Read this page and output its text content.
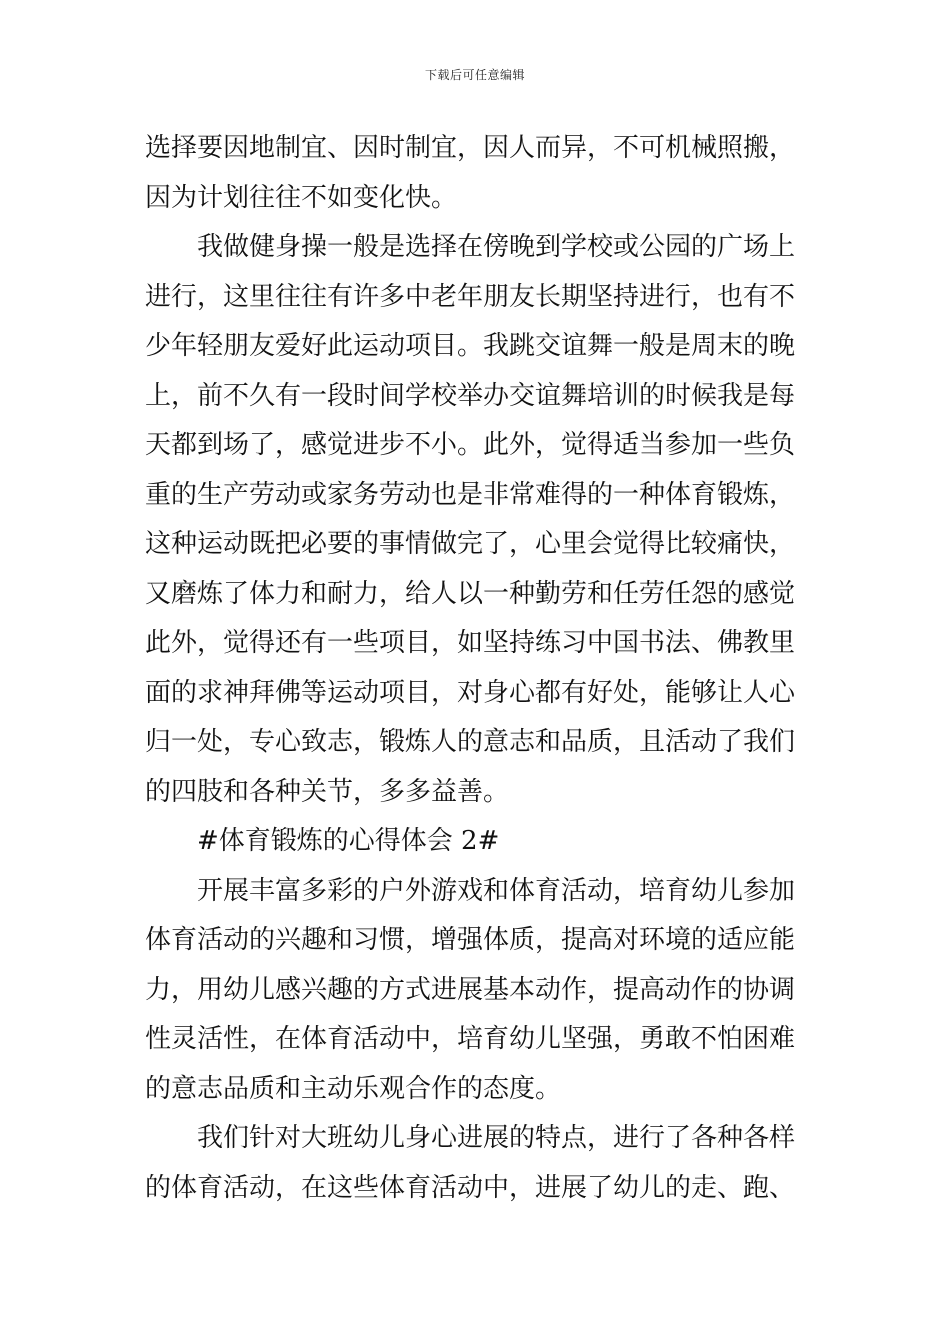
下载后可任意编辑
选择要因地制宜、因时制宜，因人而异，不可机械照搬，
因为计划往往不如变化快。
我做健身操一般是选择在傍晚到学校或公园的广场上
进行，这里往往有许多中老年朋友长期坚持进行，也有不
少年轻朋友爱好此运动项目。我跳交谊舞一般是周末的晚
上，前不久有一段时间学校举办交谊舞培训的时候我是每
天都到场了，感觉进步不小。此外，觉得适当参加一些负
重的生产劳动或家务劳动也是非常难得的一种体育锻炼，
这种运动既把必要的事情做完了，心里会觉得比较痛快，
又磨炼了体力和耐力，给人以一种勤劳和任劳任怨的感觉
此外，觉得还有一些项目，如坚持练习中国书法、佛教里
面的求神拜佛等运动项目，对身心都有好处，能够让人心
归一处，专心致志，锻炼人的意志和品质，且活动了我们
的四肢和各种关节，多多益善。
#体育锻炼的心得体会 2#
开展丰富多彩的户外游戏和体育活动，培育幼儿参加
体育活动的兴趣和习惯，增强体质，提高对环境的适应能
力，用幼儿感兴趣的方式进展基本动作，提高动作的协调
性灵活性，在体育活动中，培育幼儿坚强，勇敢不怕困难
的意志品质和主动乐观合作的态度。
我们针对大班幼儿身心进展的特点，进行了各种各样
的体育活动，在这些体育活动中，进展了幼儿的走、跑、
